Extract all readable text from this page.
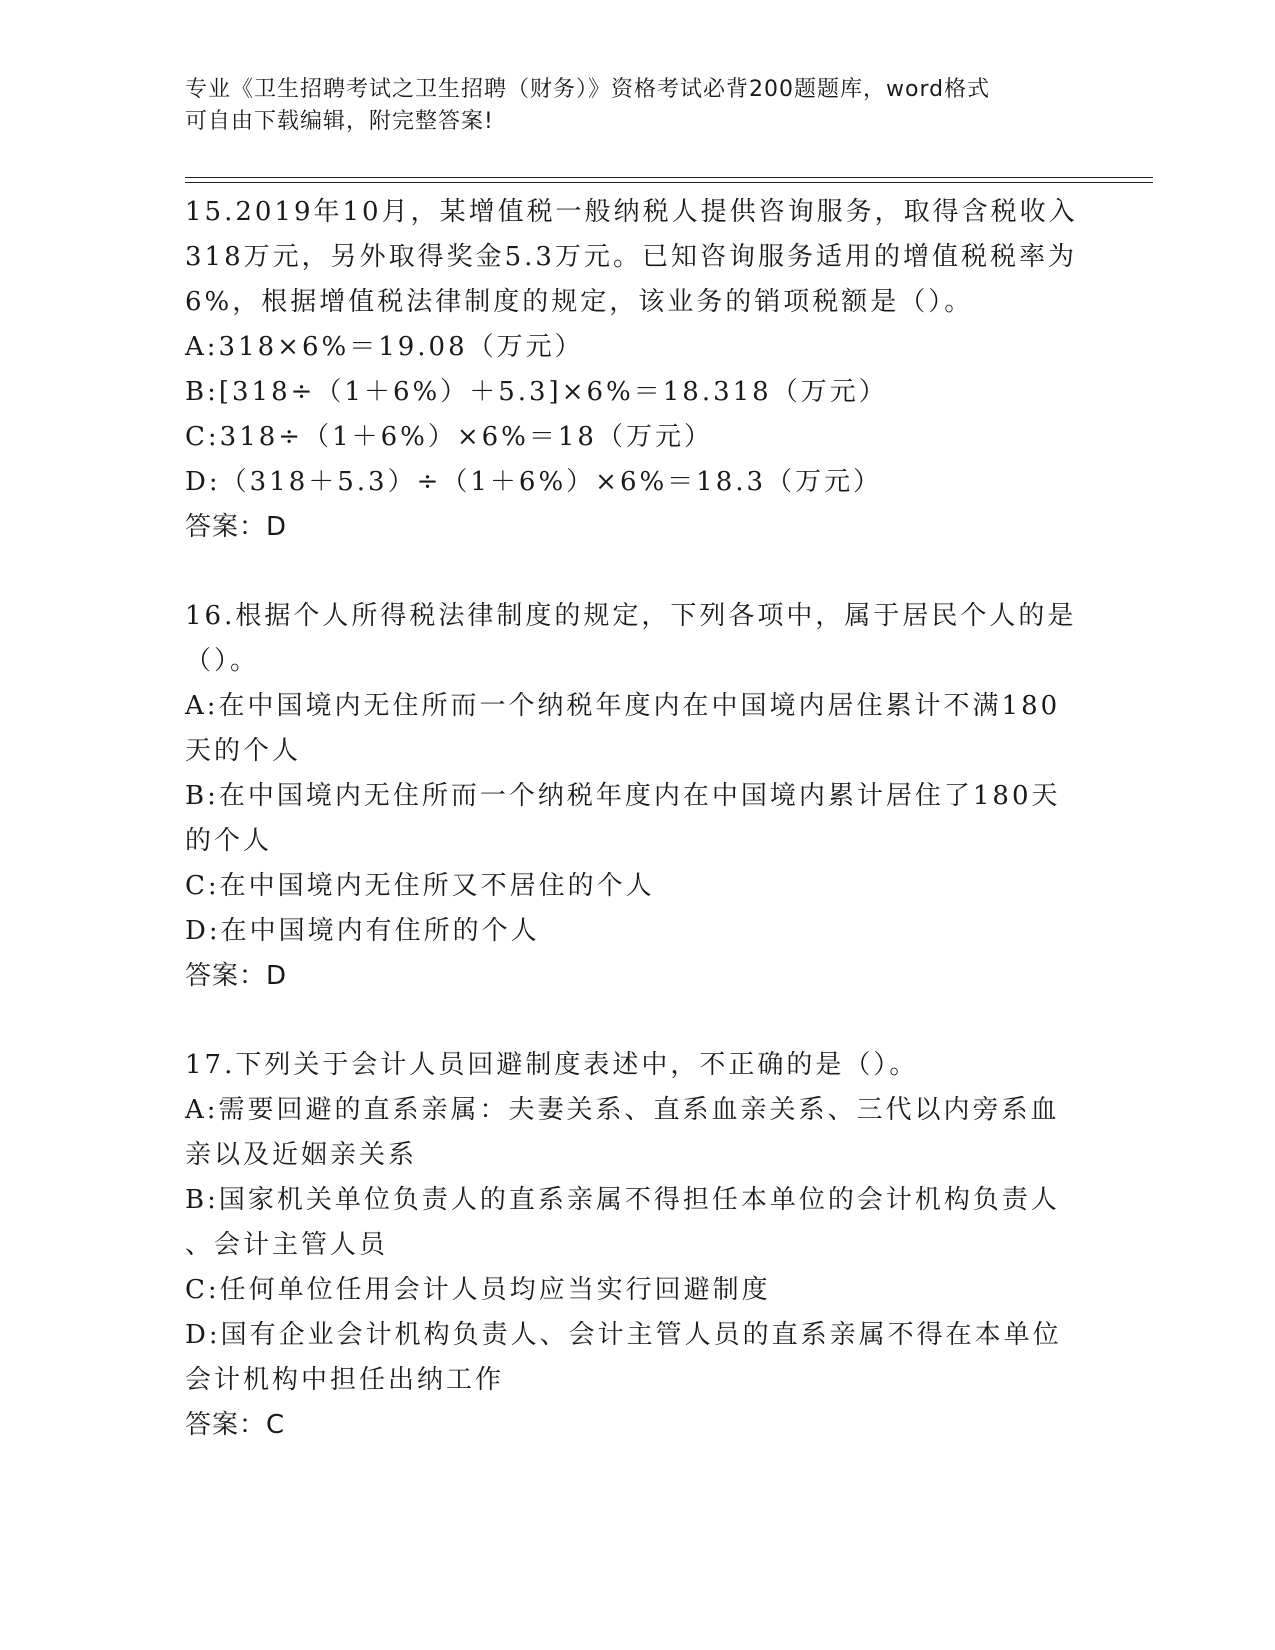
专业《卫生招聘考试之卫生招聘（财务）》资格考试必背200题题库，word格式
可自由下载编辑，附完整答案!
15.2019年10月，某增值税一般纳税人提供咨询服务，取得含税收入
318万元，另外取得奖金5.3万元。已知咨询服务适用的增值税税率为
6%，根据增值税法律制度的规定，该业务的销项税额是（）。
A:318×6%＝19.08（万元）
B:[318÷（1＋6%）＋5.3]×6%＝18.318（万元）
C:318÷（1＋6%）×6%＝18（万元）
D:（318＋5.3）÷（1＋6%）×6%＝18.3（万元）
答案：D
16.根据个人所得税法律制度的规定，下列各项中，属于居民个人的是
（）。
A:在中国境内无住所而一个纳税年度内在中国境内居住累计不满180
天的个人
B:在中国境内无住所而一个纳税年度内在中国境内累计居住了180天
的个人
C:在中国境内无住所又不居住的个人
D:在中国境内有住所的个人
答案：D
17.下列关于会计人员回避制度表述中，不正确的是（）。
A:需要回避的直系亲属：夫妻关系、直系血亲关系、三代以内旁系血
亲以及近姻亲关系
B:国家机关单位负责人的直系亲属不得担任本单位的会计机构负责人
、会计主管人员
C:任何单位任用会计人员均应当实行回避制度
D:国有企业会计机构负责人、会计主管人员的直系亲属不得在本单位
会计机构中担任出纳工作
答案：C
